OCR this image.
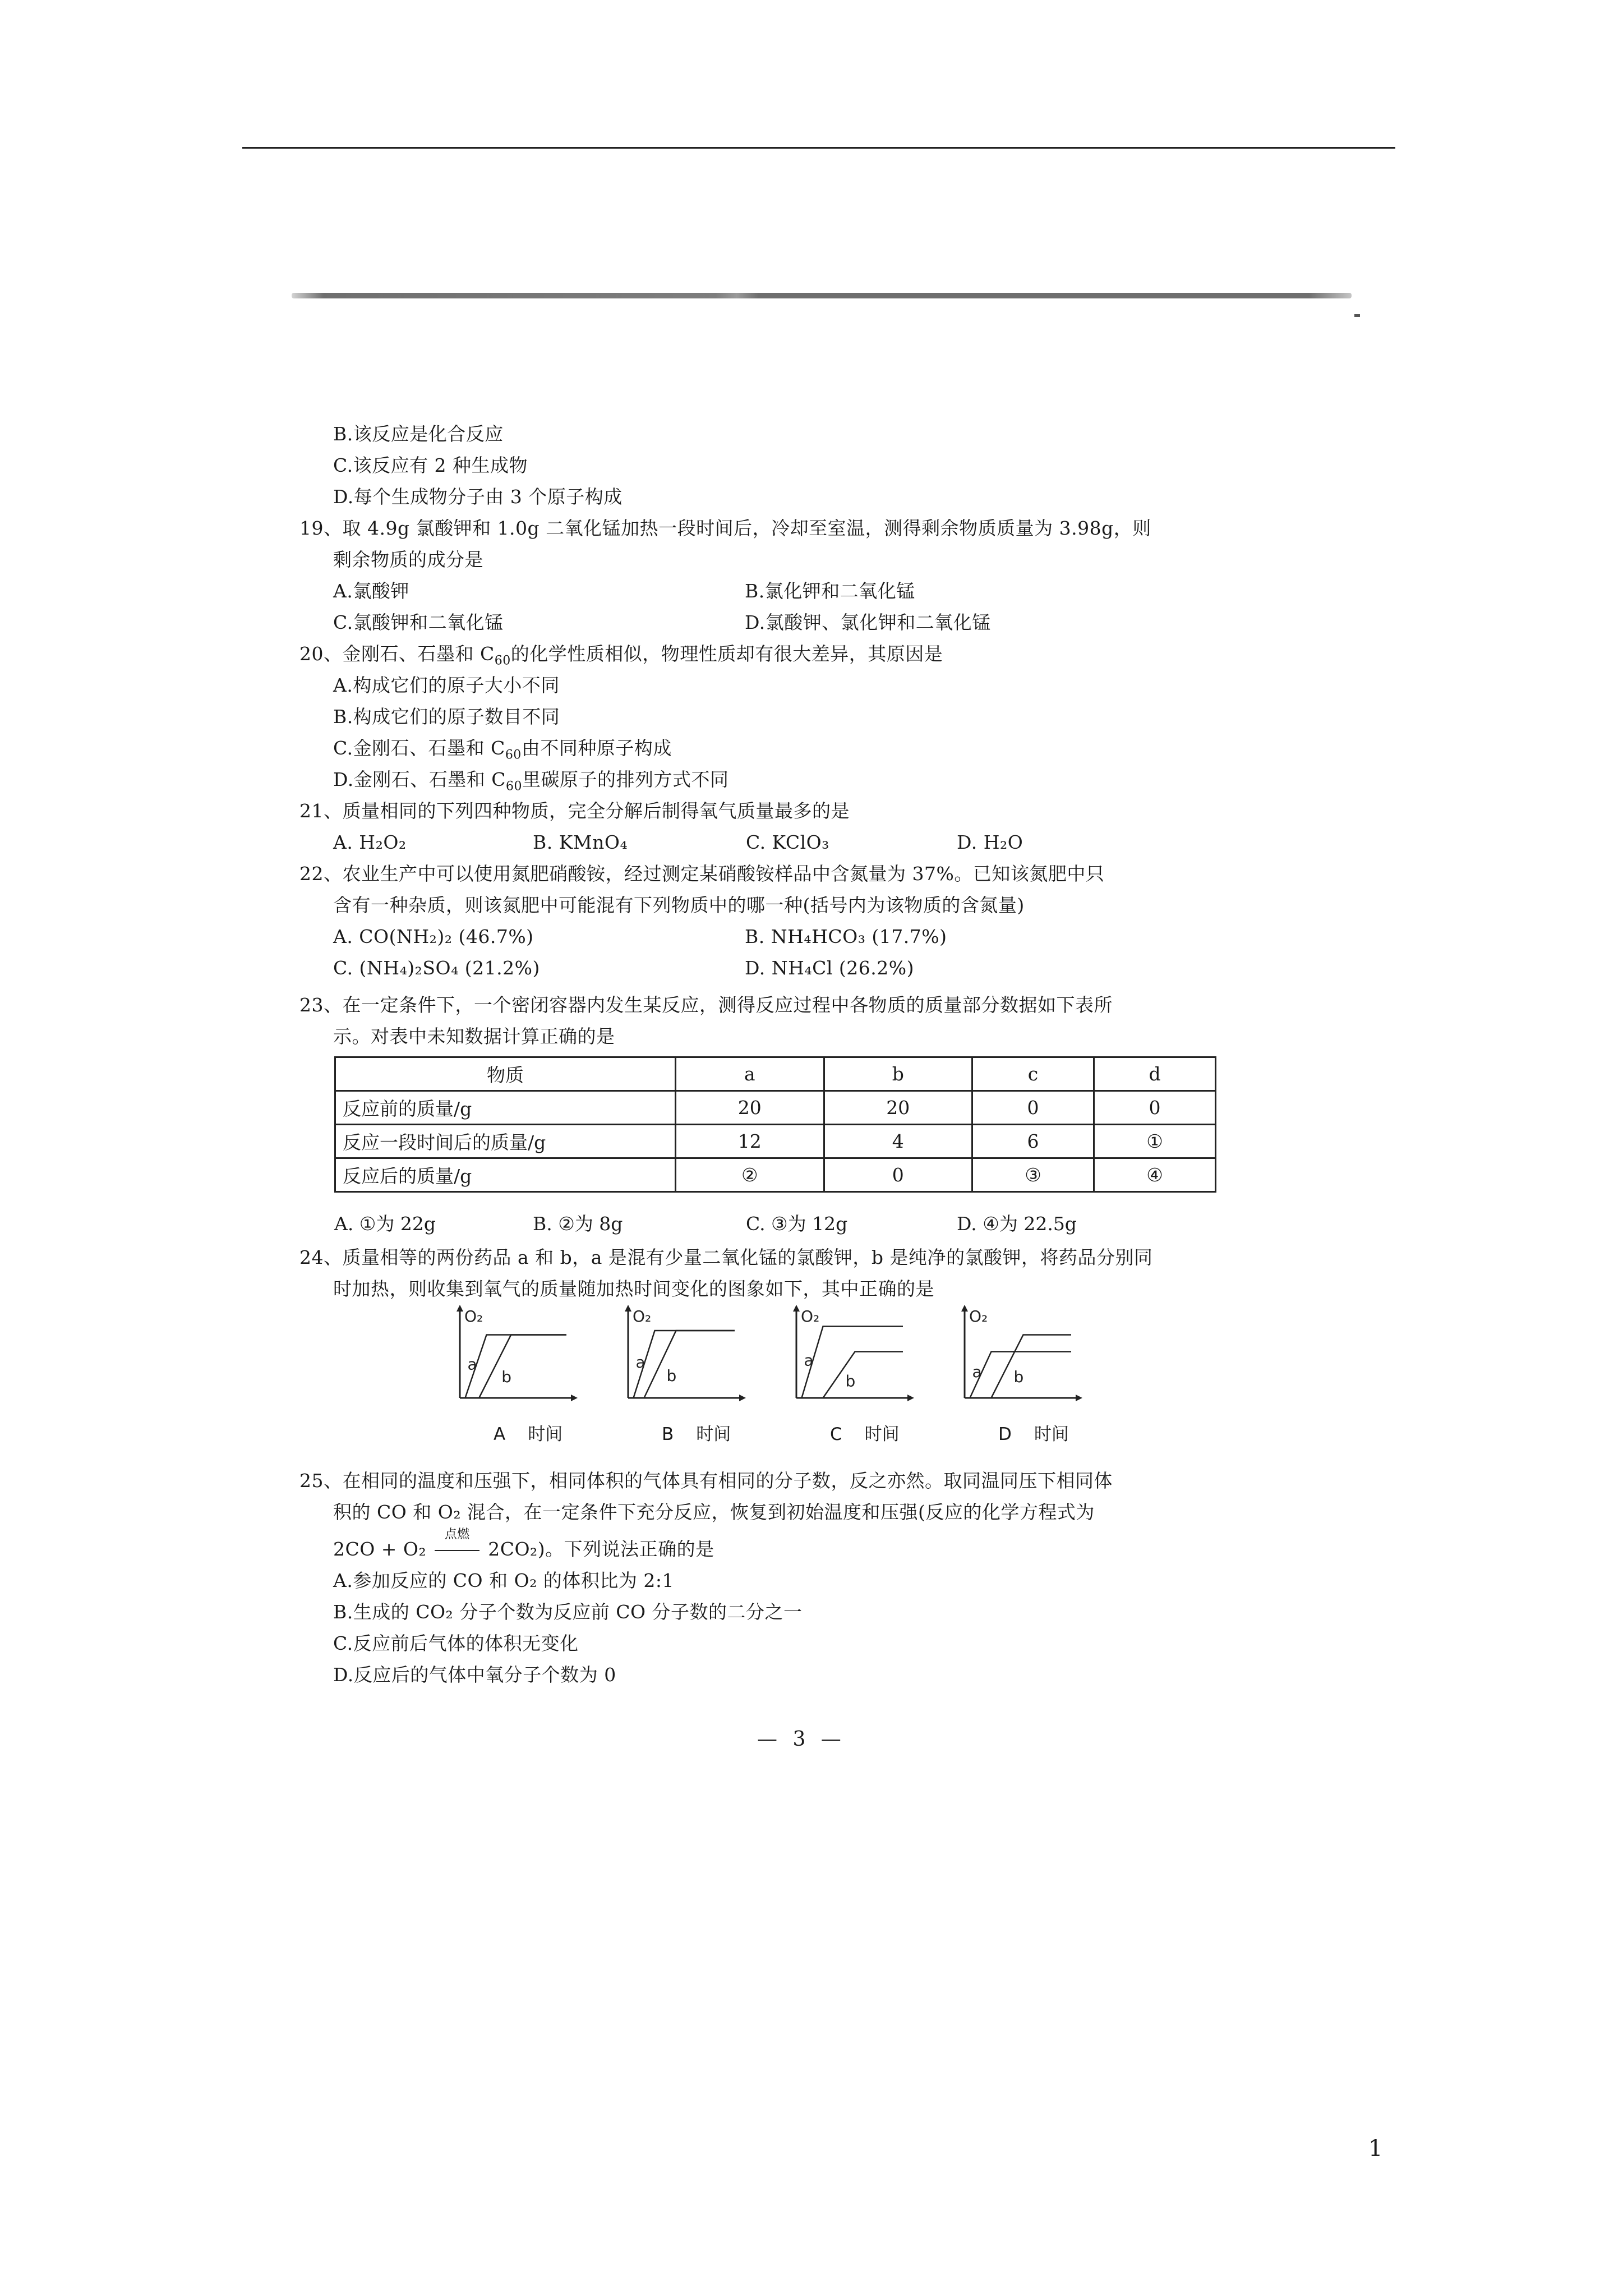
B.该反应是化合反应
C.该反应有 2 种生成物
D.每个生成物分子由 3 个原子构成
19、取 4.9g 氯酸钾和 1.0g 二氧化锰加热一段时间后，冷却至室温，测得剩余物质质量为 3.98g，则
剩余物质的成分是
A.氯酸钾	B.氯化钾和二氧化锰
C.氯酸钾和二氧化锰	D.氯酸钾、氯化钾和二氧化锰
20、金刚石、石墨和 $C_{60}$的化学性质相似，物理性质却有很大差异，其原因是
A.构成它们的原子大小不同
B.构成它们的原子数目不同
C.金刚石、石墨和 $C_{60}$由不同种原子构成
D.金刚石、石墨和 $C_{60}$里碳原子的排列方式不同
21、质量相同的下列四种物质，完全分解后制得氧气质量最多的是
A. H₂O₂	B. KMnO₄	C. KClO₃	D. H₂O
22、农业生产中可以使用氮肥硝酸铵，经过测定某硝酸铵样品中含氮量为 37%。已知该氮肥中只
含有一种杂质，则该氮肥中可能混有下列物质中的哪一种(括号内为该物质的含氮量)
A. CO(NH₂)₂ (46.7%)	B. NH₄HCO₃ (17.7%)
C. (NH₄)₂SO₄ (21.2%)	D. NH₄Cl (26.2%)
23、在一定条件下，一个密闭容器内发生某反应，测得反应过程中各物质的质量部分数据如下表所
示。对表中未知数据计算正确的是
物质	a	b	c	d
反应前的质量/g	20	20	0	0
反应一段时间后的质量/g	12	4	6	①
反应后的质量/g	②	0	③	④
A. ①为 22g	B. ②为 8g	C. ③为 12g	D. ④为 22.5g
24、质量相等的两份药品 a 和 b，a 是混有少量二氧化锰的氯酸钾，b 是纯净的氯酸钾，将药品分别同
时加热，则收集到氧气的质量随加热时间变化的图象如下，其中正确的是
O₂
a
b
A 时间
O₂
a
b
B 时间
O₂
a
b
C 时间
O₂
a b
D 时间
25、在相同的温度和压强下，相同体积的气体具有相同的分子数，反之亦然。取同温同压下相同体
积的 CO 和 O₂ 混合，在一定条件下充分反应，恢复到初始温度和压强(反应的化学方程式为
2CO + O₂
点燃
2CO₂)。下列说法正确的是
A.参加反应的 CO 和 O₂ 的体积比为 2:1
B.生成的 CO₂ 分子个数为反应前 CO 分子数的二分之一
C.反应前后气体的体积无变化
D.反应后的气体中氧分子个数为 0
— 3 —
1
